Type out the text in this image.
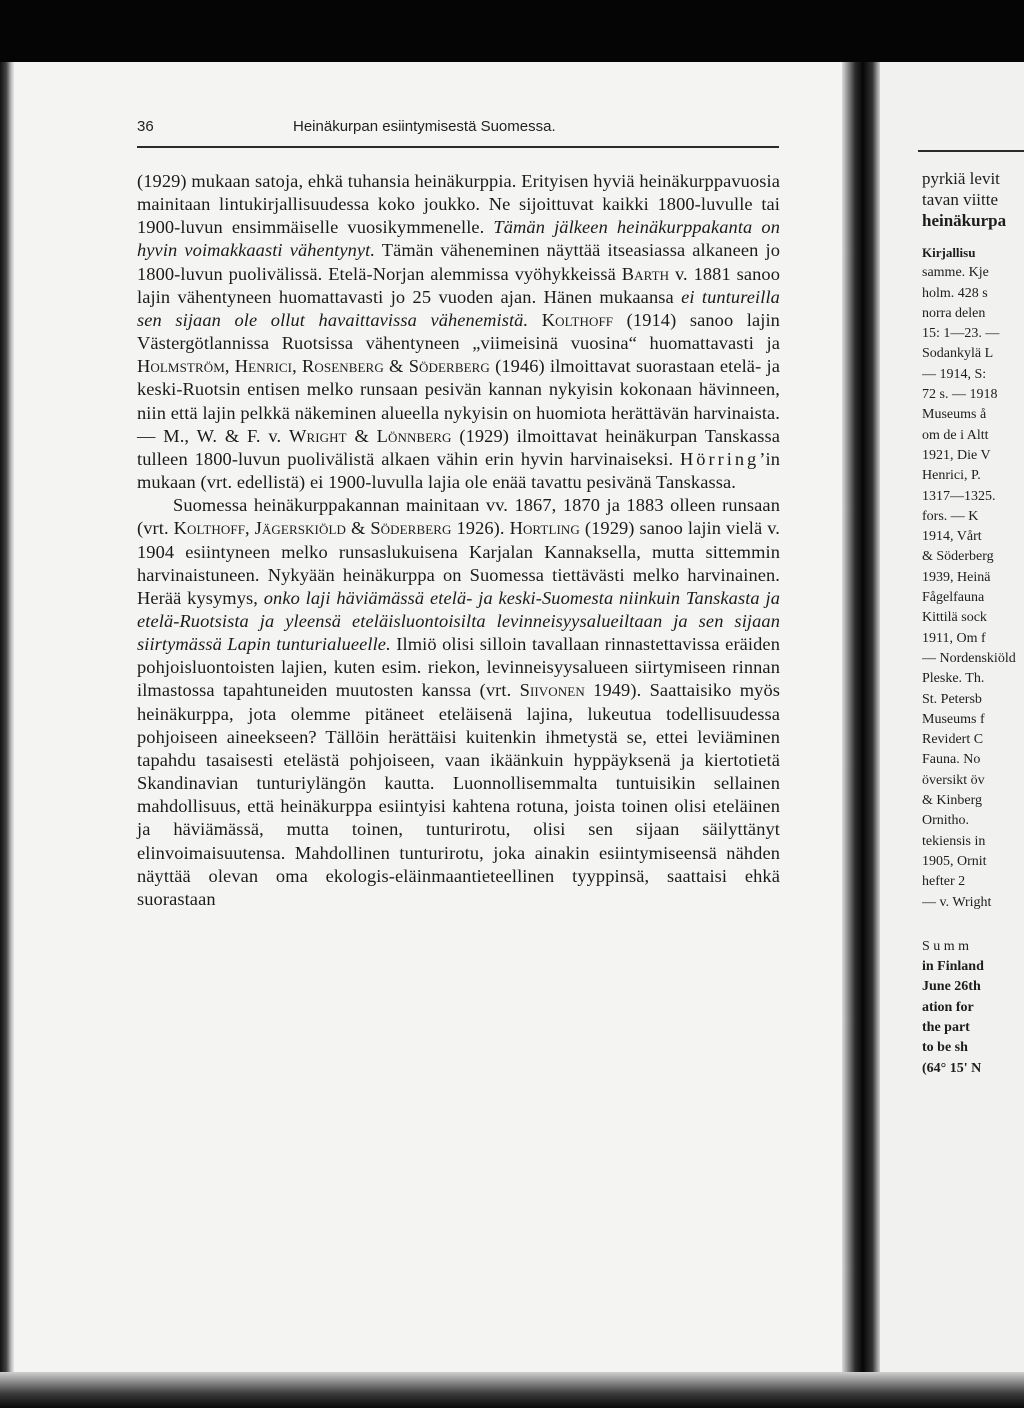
36	Heinäkurpan esiintymisestä Suomessa.

(1929) mukaan satoja, ehkä tuhansia heinäkurppia. Erityisen hyviä heinäkurppavuosia mainitaan lintukirjallisuudessa koko joukko. Ne sijoittuvat kaikki 1800-luvulle tai 1900-luvun ensimmäiselle vuosikymmenelle. Tämän jälkeen heinäkurppakanta on hyvin voimakkaasti vähentynyt. Tämän väheneminen näyttää itseasiassa alkaneen jo 1800-luvun puolivälissä. Etelä-Norjan alemmissa vyöhykkeissä Barth v. 1881 sanoo lajin vähentyneen huomattavasti jo 25 vuoden ajan. Hänen mukaansa ei tuntureilla sen sijaan ole ollut havaittavissa vähenemistä. Kolthoff (1914) sanoo lajin Västergötlannissa Ruotsissa vähentyneen „viimeisinä vuosina“ huomattavasti ja Holmström, Henrici, Rosenberg & Söderberg (1946) ilmoittavat suorastaan etelä- ja keski-Ruotsin entisen melko runsaan pesivän kannan nykyisin kokonaan hävinneen, niin että lajin pelkkä näkeminen alueella nykyisin on huomiota herättävän harvinaista. — M., W. & F. v. Wright & Lönnberg (1929) ilmoittavat heinäkurpan Tanskassa tulleen 1800-luvun puolivälistä alkaen vähin erin hyvin harvinaiseksi. Hörring’in mukaan (vrt. edellistä) ei 1900-luvulla lajia ole enää tavattu pesivänä Tanskassa.

Suomessa heinäkurppakannan mainitaan vv. 1867, 1870 ja 1883 olleen runsaan (vrt. Kolthoff, Jägerskiöld & Söderberg 1926). Hortling (1929) sanoo lajin vielä v. 1904 esiintyneen melko runsaslukuisena Karjalan Kannaksella, mutta sittemmin harvinaistuneen. Nykyään heinäkurppa on Suomessa tiettävästi melko harvinainen. Herää kysymys, onko laji häviämässä etelä- ja keski-Suomesta niinkuin Tanskasta ja etelä-Ruotsista ja yleensä eteläisluontoisilta levinneisyysalueiltaan ja sen sijaan siirtymässä Lapin tunturialueelle. Ilmiö olisi silloin tavallaan rinnastettavissa eräiden pohjoisluontoisten lajien, kuten esim. riekon, levinneisyysalueen siirtymiseen rinnan ilmastossa tapahtuneiden muutosten kanssa (vrt. Siivonen 1949). Saattaisiko myös heinäkurppa, jota olemme pitäneet eteläisenä lajina, lukeutua todellisuudessa pohjoiseen aineekseen? Tällöin herättäisi kuitenkin ihmetystä se, ettei leviäminen tapahdu tasaisesti etelästä pohjoiseen, vaan ikäänkuin hyppäyksenä ja kiertotietä Skandinavian tunturiylängön kautta. Luonnollisemmalta tuntuisikin sellainen mahdollisuus, että heinäkurppa esiintyisi kahtena rotuna, joista toinen olisi eteläinen ja häviämässä, mutta toinen, tunturirotu, olisi sen sijaan säilyttänyt elinvoimaisuutensa. Mahdollinen tunturirotu, joka ainakin esiintymiseensä nähden näyttää olevan oma ekologis-eläinmaantieteellinen tyyppinsä, saattaisi ehkä suorastaan

pyrkiä levit
tavan viitte
heinäkurpa
Kirjallisu
samme. Kje
holm. 428 s
norra delen
15: 1—23. —
Sodankylä L
— 1914, S:
72 s. — 1918
Museums å
om de i Altt
1921, Die V
Henrici, P.
1317—1325.
fors. — K
1914, Vårt
& Söderberg
1939, Heinä
Fågelfauna
Kittilä sock
1911, Om f
— Nordenskiöld
Pleske. Th.
St. Petersb
Museums f
Revidert C
Fauna. No
översikt öv
& Kinberg
Ornitho.
tekiensis in
1905, Ornit
hefter 2
— v. Wright
S u m m
in Finland
June 26th
ation for
the part
to be sh
(64° 15' N
